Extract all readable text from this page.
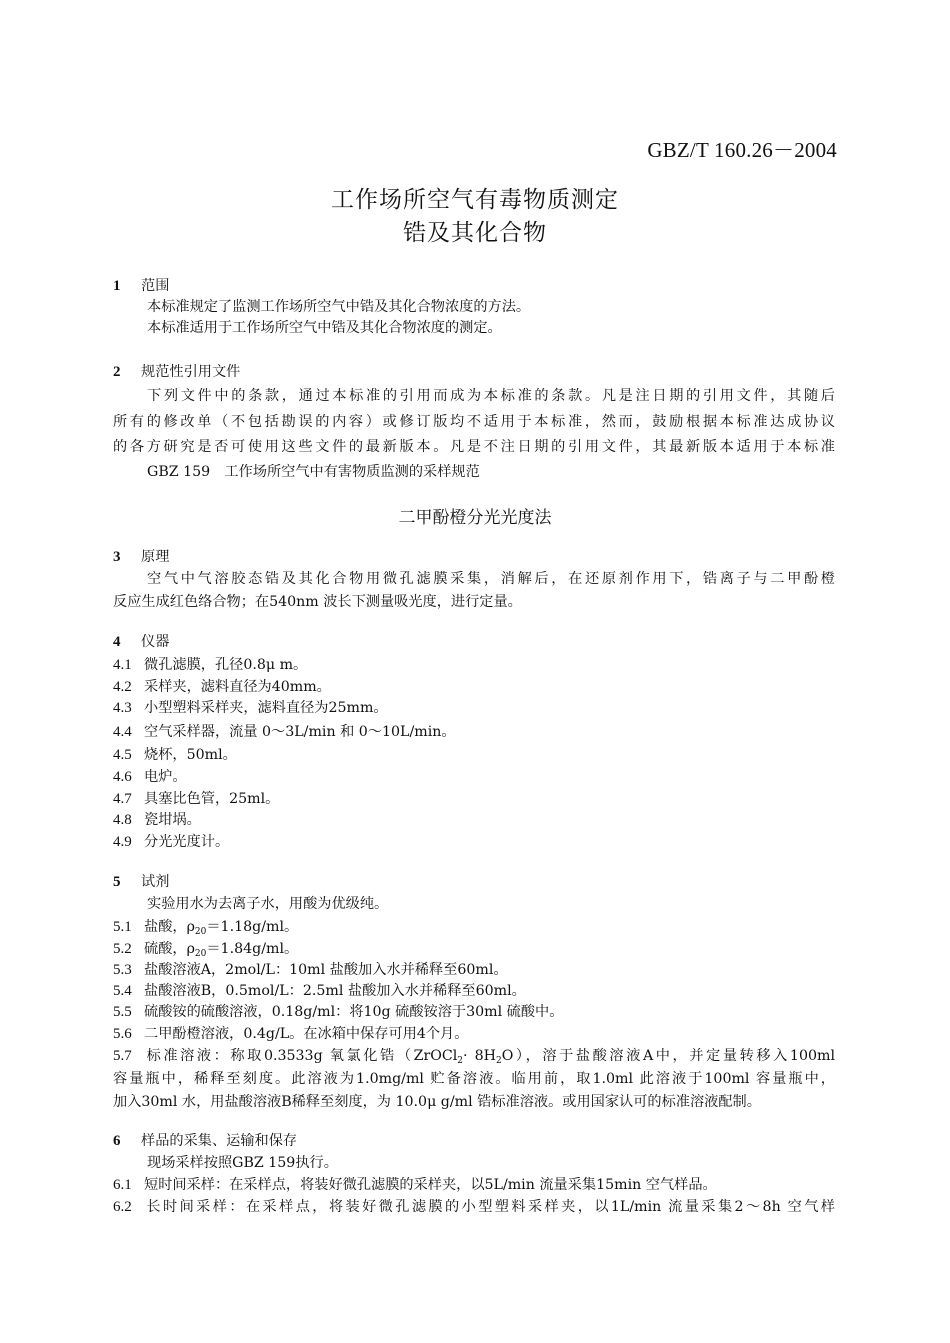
GBZ/T 160.26－2004
工作场所空气有毒物质测定
锆及其化合物
1 范围
本标准规定了监测工作场所空气中锆及其化合物浓度的方法。
本标准适用于工作场所空气中锆及其化合物浓度的测定。
2 规范性引用文件
下列文件中的条款，通过本标准的引用而成为本标准的条款。凡是注日期的引用文件，其随后
所有的修改单（不包括勘误的内容）或修订版均不适用于本标准，然而，鼓励根据本标准达成协议
的各方研究是否可使用这些文件的最新版本。凡是不注日期的引用文件，其最新版本适用于本标准
GBZ 159　工作场所空气中有害物质监测的采样规范
二甲酚橙分光光度法
3 原理
空气中气溶胶态锆及其化合物用微孔滤膜采集，消解后，在还原剂作用下，锆离子与二甲酚橙
反应生成红色络合物；在540nm 波长下测量吸光度，进行定量。
4 仪器
4.1 微孔滤膜，孔径0.8μ m。
4.2 采样夹，滤料直径为40mm。
4.3 小型塑料采样夹，滤料直径为25mm。
4.4 空气采样器，流量 0～3L/min 和 0～10L/min。
4.5 烧杯，50ml。
4.6 电炉。
4.7 具塞比色管，25ml。
4.8 瓷坩埚。
4.9 分光光度计。
5 试剂
实验用水为去离子水，用酸为优级纯。
5.1 盐酸，$\rho_{20}=1.18g/ml$。
5.2 硫酸，$\rho_{20}=1.84g/ml$。
5.3 盐酸溶液A，2mol/L：10ml 盐酸加入水并稀释至60ml。
5.4 盐酸溶液B，0.5mol/L：2.5ml 盐酸加入水并稀释至60ml。
5.5 硫酸铵的硫酸溶液，0.18g/ml：将10g 硫酸铵溶于30ml 硫酸中。
5.6 二甲酚橙溶液，0.4g/L。在冰箱中保存可用4个月。
5.7 标准溶液：称取0.3533g 氧氯化锆（ZrOCl$_2$· $8H_2O$），溶于盐酸溶液A中，并定量转移入100ml
容量瓶中，稀释至刻度。此溶液为1.0mg/ml 贮备溶液。临用前，取1.0ml 此溶液于100ml 容量瓶中，
加入30ml 水，用盐酸溶液B稀释至刻度，为 10.0μ g/ml 锆标准溶液。或用国家认可的标准溶液配制。
6 样品的采集、运输和保存
现场采样按照GBZ 159执行。
6.1 短时间采样：在采样点，将装好微孔滤膜的采样夹，以5L/min 流量采集15min 空气样品。
6.2 长时间采样：在采样点，将装好微孔滤膜的小型塑料采样夹，以1L/min 流量采集2～8h 空气样
